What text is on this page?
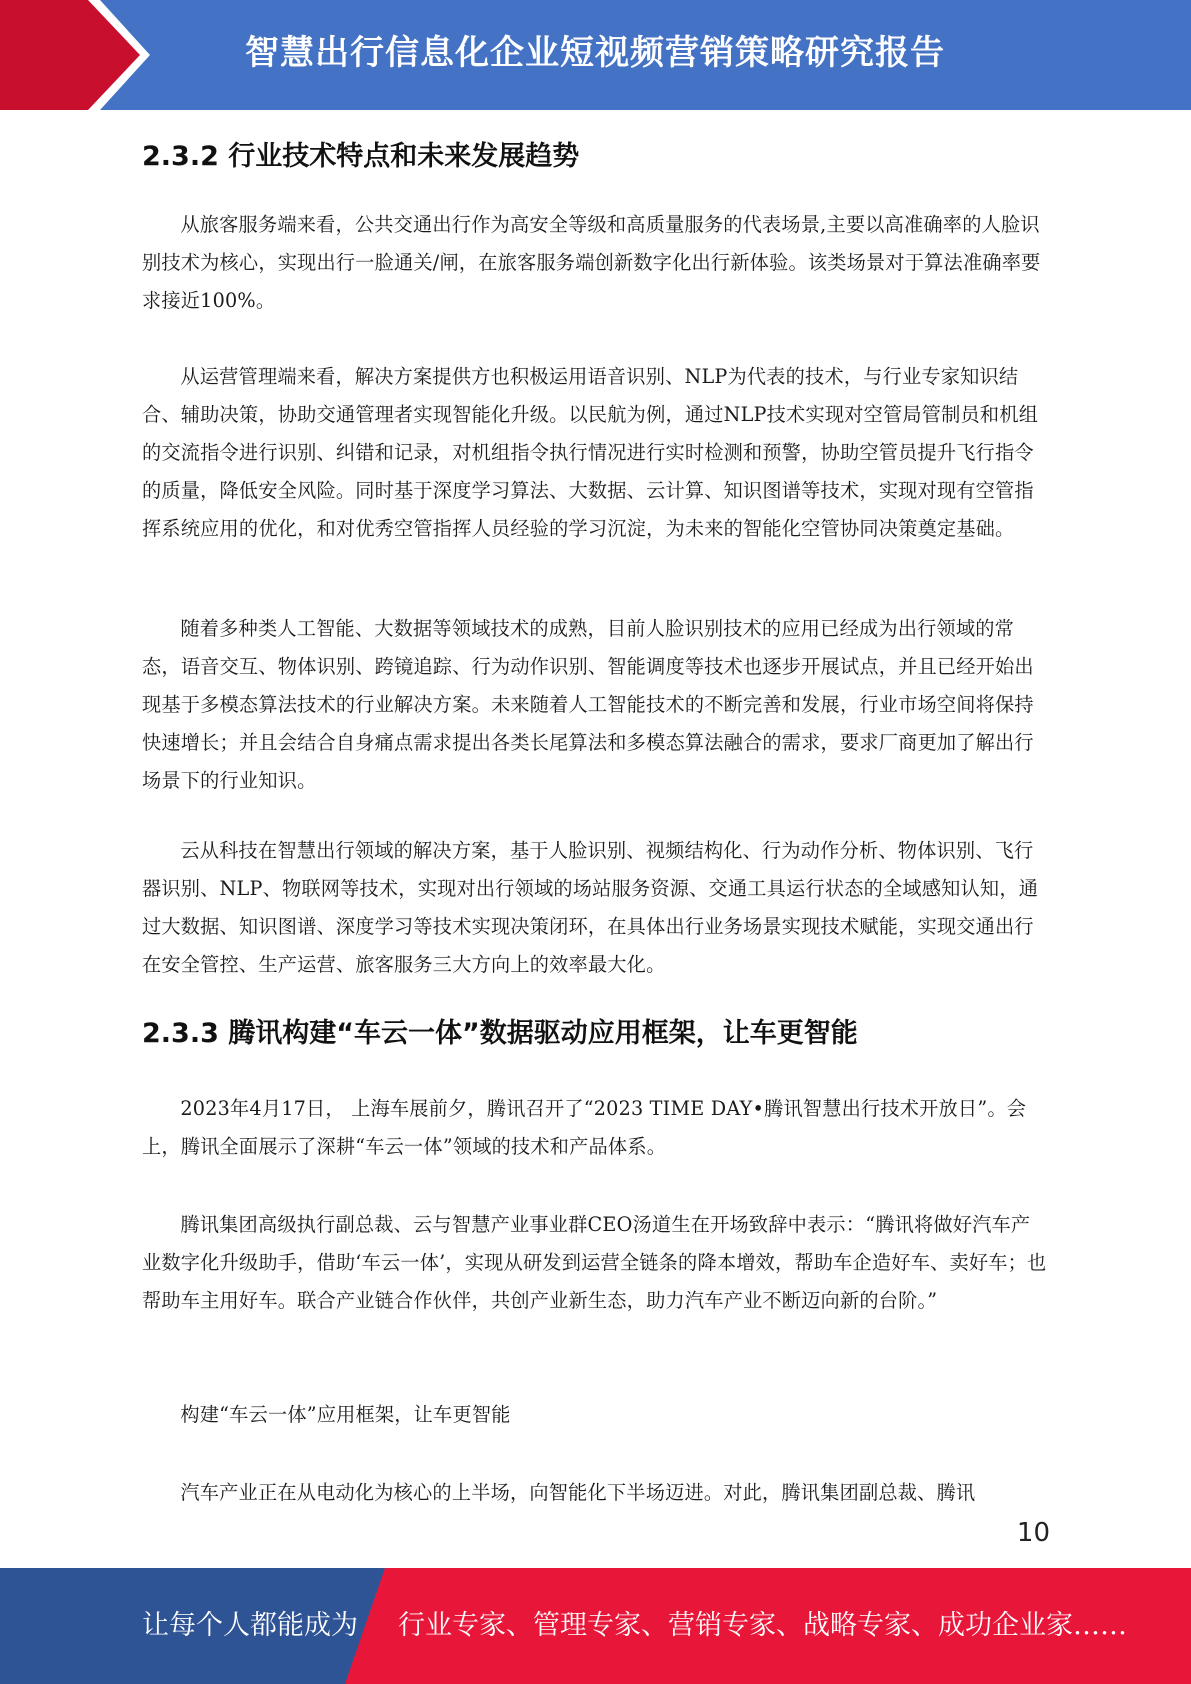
智慧出行信息化企业短视频营销策略研究报告
2.3.2 行业技术特点和未来发展趋势

从旅客服务端来看，公共交通出行作为高安全等级和高质量服务的代表场景,主要以高准确率的人脸识别技术为核心，实现出行一脸通关/闸，在旅客服务端创新数字化出行新体验。该类场景对于算法准确率要求接近100%。

从运营管理端来看，解决方案提供方也积极运用语音识别、NLP为代表的技术，与行业专家知识结合、辅助决策，协助交通管理者实现智能化升级。以民航为例，通过NLP技术实现对空管局管制员和机组的交流指令进行识别、纠错和记录，对机组指令执行情况进行实时检测和预警，协助空管员提升飞行指令的质量，降低安全风险。同时基于深度学习算法、大数据、云计算、知识图谱等技术，实现对现有空管指挥系统应用的优化，和对优秀空管指挥人员经验的学习沉淀，为未来的智能化空管协同决策奠定基础。

随着多种类人工智能、大数据等领域技术的成熟，目前人脸识别技术的应用已经成为出行领域的常态，语音交互、物体识别、跨镜追踪、行为动作识别、智能调度等技术也逐步开展试点，并且已经开始出现基于多模态算法技术的行业解决方案。未来随着人工智能技术的不断完善和发展，行业市场空间将保持快速增长；并且会结合自身痛点需求提出各类长尾算法和多模态算法融合的需求，要求厂商更加了解出行场景下的行业知识。

云从科技在智慧出行领域的解决方案，基于人脸识别、视频结构化、行为动作分析、物体识别、飞行器识别、NLP、物联网等技术，实现对出行领域的场站服务资源、交通工具运行状态的全域感知认知，通过大数据、知识图谱、深度学习等技术实现决策闭环，在具体出行业务场景实现技术赋能，实现交通出行在安全管控、生产运营、旅客服务三大方向上的效率最大化。

2.3.3 腾讯构建“车云一体”数据驱动应用框架，让车更智能

2023年4月17日， 上海车展前夕，腾讯召开了“2023 TIME DAY•腾讯智慧出行技术开放日”。会上，腾讯全面展示了深耕“车云一体”领域的技术和产品体系。

腾讯集团高级执行副总裁、云与智慧产业事业群CEO汤道生在开场致辞中表示：“腾讯将做好汽车产业数字化升级助手，借助‘车云一体’，实现从研发到运营全链条的降本增效，帮助车企造好车、卖好车；也帮助车主用好车。联合产业链合作伙伴，共创产业新生态，助力汽车产业不断迈向新的台阶。”

构建“车云一体”应用框架，让车更智能

汽车产业正在从电动化为核心的上半场，向智能化下半场迈进。对此，腾讯集团副总裁、腾讯

10
让每个人都能成为 行业专家、管理专家、营销专家、战略专家、成功企业家……
